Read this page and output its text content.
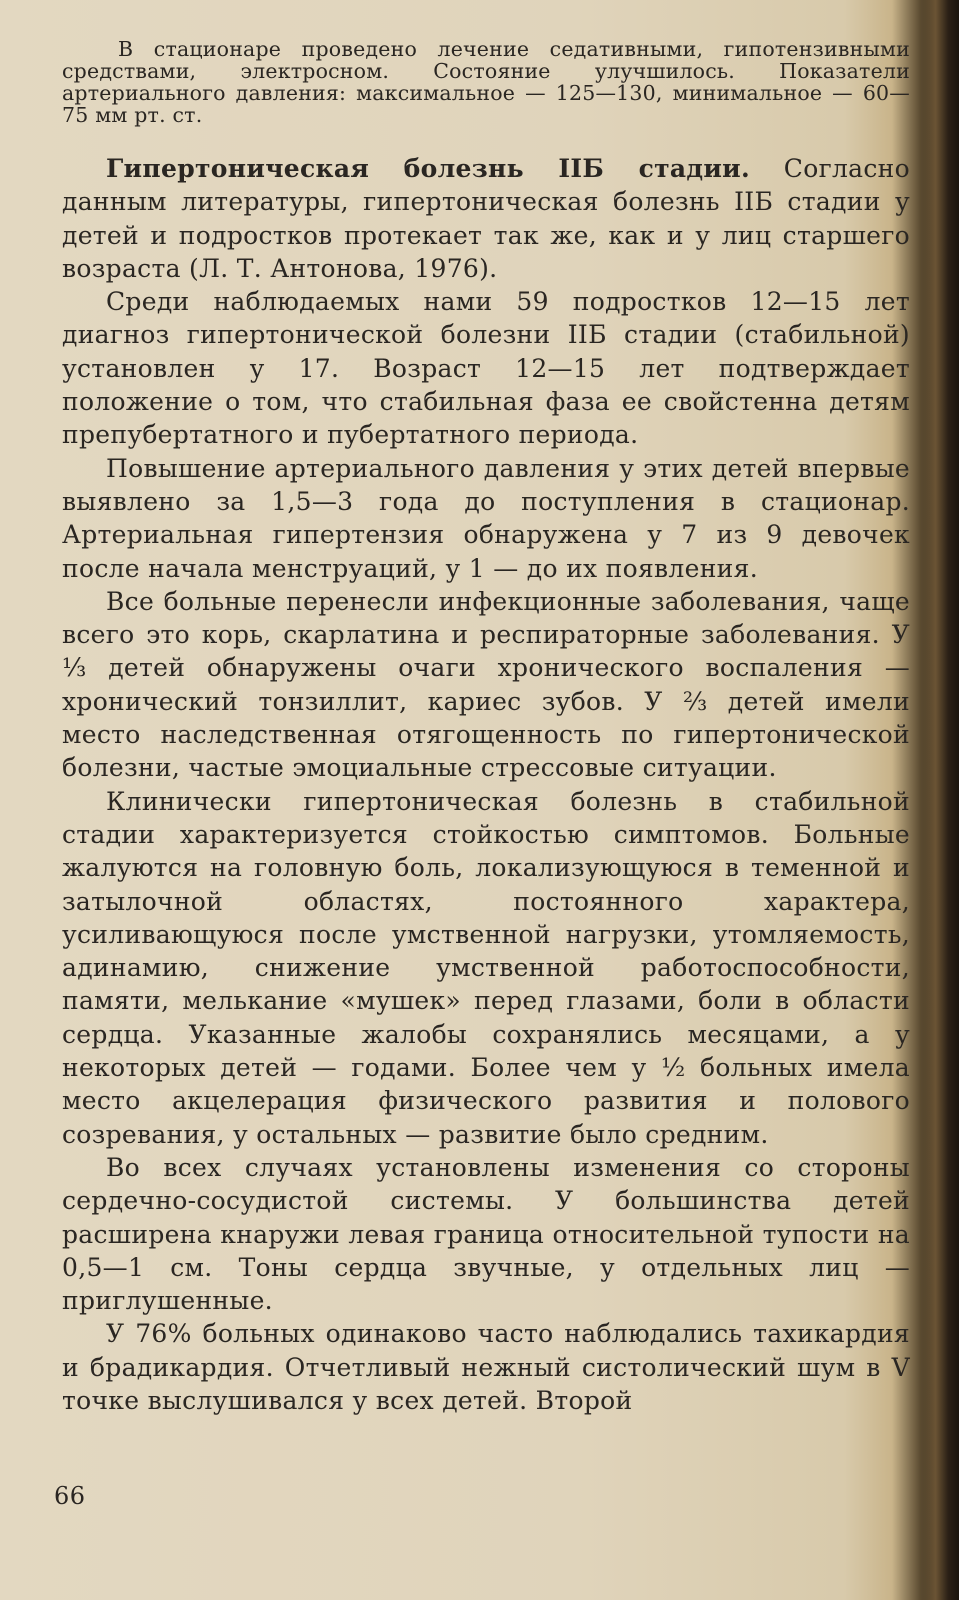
В стационаре проведено лечение седативными, гипотензивными средствами, электросном. Состояние улучшилось. Показатели артериального давления: максимальное — 125—130, минимальное — 60—75 мм рт. ст.

Гипертоническая болезнь IIБ стадии. Согласно данным литературы, гипертоническая болезнь IIБ стадии у детей и подростков протекает так же, как и у лиц старшего возраста (Л. Т. Антонова, 1976).

Среди наблюдаемых нами 59 подростков 12—15 лет диагноз гипертонической болезни IIБ стадии (стабильной) установлен у 17. Возраст 12—15 лет подтверждает положение о том, что стабильная фаза ее свойстенна детям препубертатного и пубертатного периода.

Повышение артериального давления у этих детей впервые выявлено за 1,5—3 года до поступления в стационар. Артериальная гипертензия обнаружена у 7 из 9 девочек после начала менструаций, у 1 — до их появления.

Все больные перенесли инфекционные заболевания, чаще всего это корь, скарлатина и респираторные заболевания. У ⅓ детей обнаружены очаги хронического воспаления — хронический тонзиллит, кариес зубов. У ⅔ детей имели место наследственная отягощенность по гипертонической болезни, частые эмоциальные стрессовые ситуации.

Клинически гипертоническая болезнь в стабильной стадии характеризуется стойкостью симптомов. Больные жалуются на головную боль, локализующуюся в теменной и затылочной областях, постоянного характера, усиливающуюся после умственной нагрузки, утомляемость, адинамию, снижение умственной работоспособности, памяти, мелькание «мушек» перед глазами, боли в области сердца. Указанные жалобы сохранялись месяцами, а у некоторых детей — годами. Более чем у ½ больных имела место акцелерация физического развития и полового созревания, у остальных — развитие было средним.

Во всех случаях установлены изменения со стороны сердечно-сосудистой системы. У большинства детей расширена кнаружи левая граница относительной тупости на 0,5—1 см. Тоны сердца звучные, у отдельных лиц — приглушенные.

У 76% больных одинаково часто наблюдались тахикардия и брадикардия. Отчетливый нежный систолический шум в V точке выслушивался у всех детей. Второй

66
